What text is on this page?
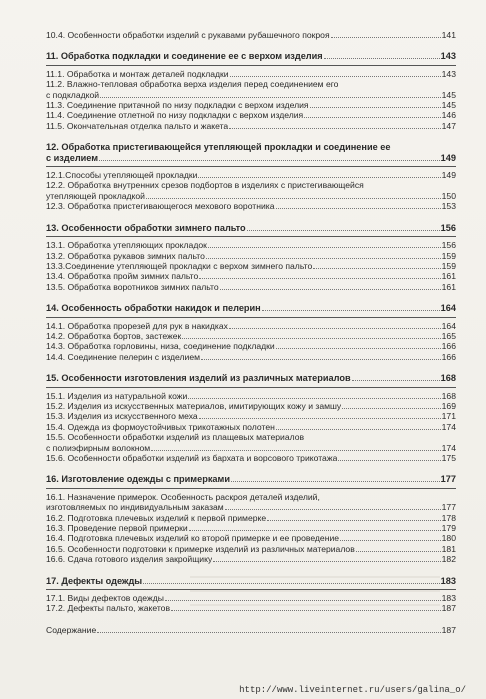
10.4. Особенности обработки изделий с рукавами рубашечного покроя	141
11. Обработка подкладки и соединение ее с верхом изделия	143
11.1. Обработка и монтаж деталей подкладки	143
11.2. Влажно-тепловая обработка верха изделия перед соединением его
с подкладкой	145
11.3. Соединение притачной по низу подкладки с верхом изделия	145
11.4. Соединение отлетной по низу подкладки с верхом изделия	146
11.5. Окончательная отделка пальто и жакета	147
12. Обработка пристегивающейся утепляющей прокладки и соединение ее
с изделием	149
12.1.Способы утепляющей прокладки	149
12.2. Обработка внутренних срезов подбортов в изделиях с пристегивающейся
утепляющей прокладкой	150
12.3. Обработка пристегивающегося мехового воротника	153
13. Особенности обработки зимнего пальто	156
13.1. Обработка утепляющих прокладок	156
13.2. Обработка рукавов зимних пальто	159
13.3.Соединение утепляющей прокладки с верхом зимнего пальто	159
13.4. Обработка пройм зимних пальто	161
13.5. Обработка воротников зимних пальто	161
14. Особенность обработки накидок и пелерин	164
14.1. Обработка прорезей для рук в накидках	164
14.2. Обработка бортов, застежек	165
14.3. Обработка горловины, низа, соединение подкладки	166
14.4. Соединение пелерин с изделием	166
15. Особенности изготовления изделий из различных материалов	168
15.1. Изделия из натуральной кожи	168
15.2. Изделия из искусственных материалов, имитирующих кожу и замшу	169
15.3. Изделия из искусственного меха	171
15.4. Одежда из формоустойчивых трикотажных полотен	174
15.5. Особенности обработки изделий из плащевых материалов
с полиэфирным волокном	174
15.6. Особенности обработки изделий из бархата и ворсового трикотажа	175
16. Изготовление одежды с примерками	177
16.1. Назначение примерок. Особенность раскроя деталей изделий,
изготовляемых по индивидуальным заказам	177
16.2. Подготовка плечевых изделий к первой примерке	178
16.3. Проведение первой примерки	179
16.4. Подготовка плечевых изделий ко второй примерке и ее проведение	180
16.5. Особенности подготовки к примерке изделий из различных материалов	181
16.6. Сдача готового изделия закройщику	182
17. Дефекты одежды	183
17.1. Виды дефектов одежды	183
17.2. Дефекты пальто, жакетов	187
Содержание	187
http://www.liveinternet.ru/users/galina_o/
